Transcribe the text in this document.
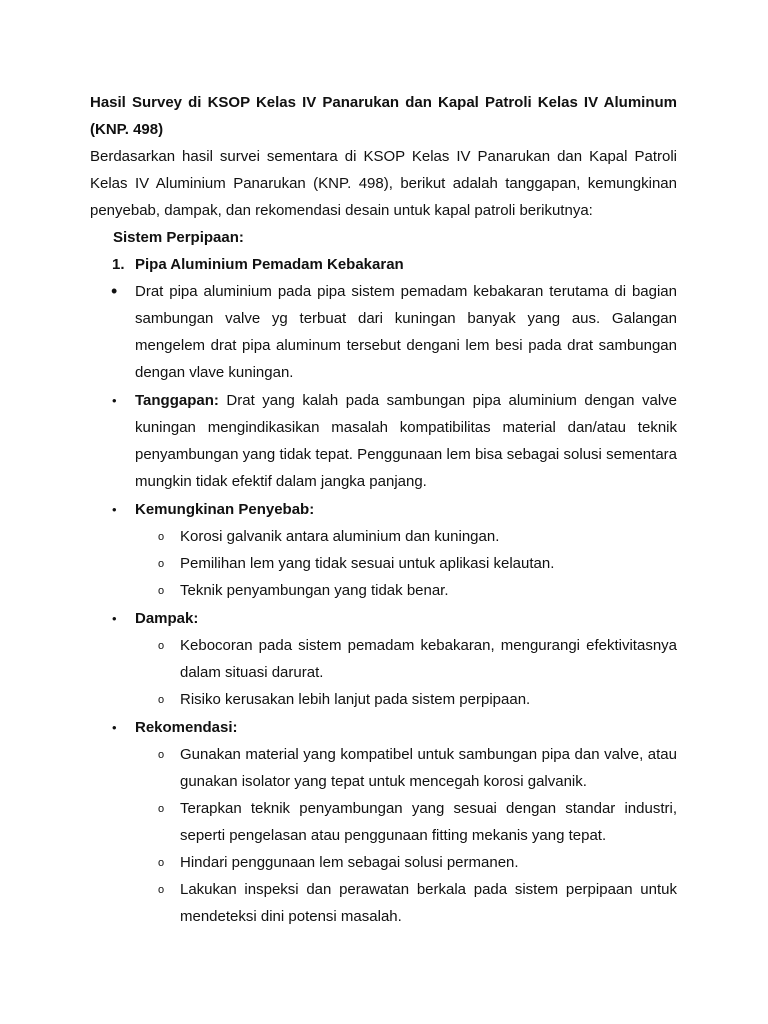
Hasil Survey di KSOP Kelas IV Panarukan dan Kapal Patroli Kelas IV Aluminum (KNP. 498)

Berdasarkan hasil survei sementara di KSOP Kelas IV Panarukan dan Kapal Patroli Kelas IV Aluminium Panarukan (KNP. 498), berikut adalah tanggapan, kemungkinan penyebab, dampak, dan rekomendasi desain untuk kapal patroli berikutnya:

Sistem Perpipaan:

1. Pipa Aluminium Pemadam Kebakaran
• Drat pipa aluminium pada pipa sistem pemadam kebakaran terutama di bagian sambungan valve yg terbuat dari kuningan banyak yang aus. Galangan mengelem drat pipa aluminum tersebut dengani lem besi pada drat sambungan dengan vlave kuningan.
• Tanggapan: Drat yang kalah pada sambungan pipa aluminium dengan valve kuningan mengindikasikan masalah kompatibilitas material dan/atau teknik penyambungan yang tidak tepat. Penggunaan lem bisa sebagai solusi sementara mungkin tidak efektif dalam jangka panjang.
• Kemungkinan Penyebab:
o Korosi galvanik antara aluminium dan kuningan.
o Pemilihan lem yang tidak sesuai untuk aplikasi kelautan.
o Teknik penyambungan yang tidak benar.
• Dampak:
o Kebocoran pada sistem pemadam kebakaran, mengurangi efektivitasnya dalam situasi darurat.
o Risiko kerusakan lebih lanjut pada sistem perpipaan.
• Rekomendasi:
o Gunakan material yang kompatibel untuk sambungan pipa dan valve, atau gunakan isolator yang tepat untuk mencegah korosi galvanik.
o Terapkan teknik penyambungan yang sesuai dengan standar industri, seperti pengelasan atau penggunaan fitting mekanis yang tepat.
o Hindari penggunaan lem sebagai solusi permanen.
o Lakukan inspeksi dan perawatan berkala pada sistem perpipaan untuk mendeteksi dini potensi masalah.
